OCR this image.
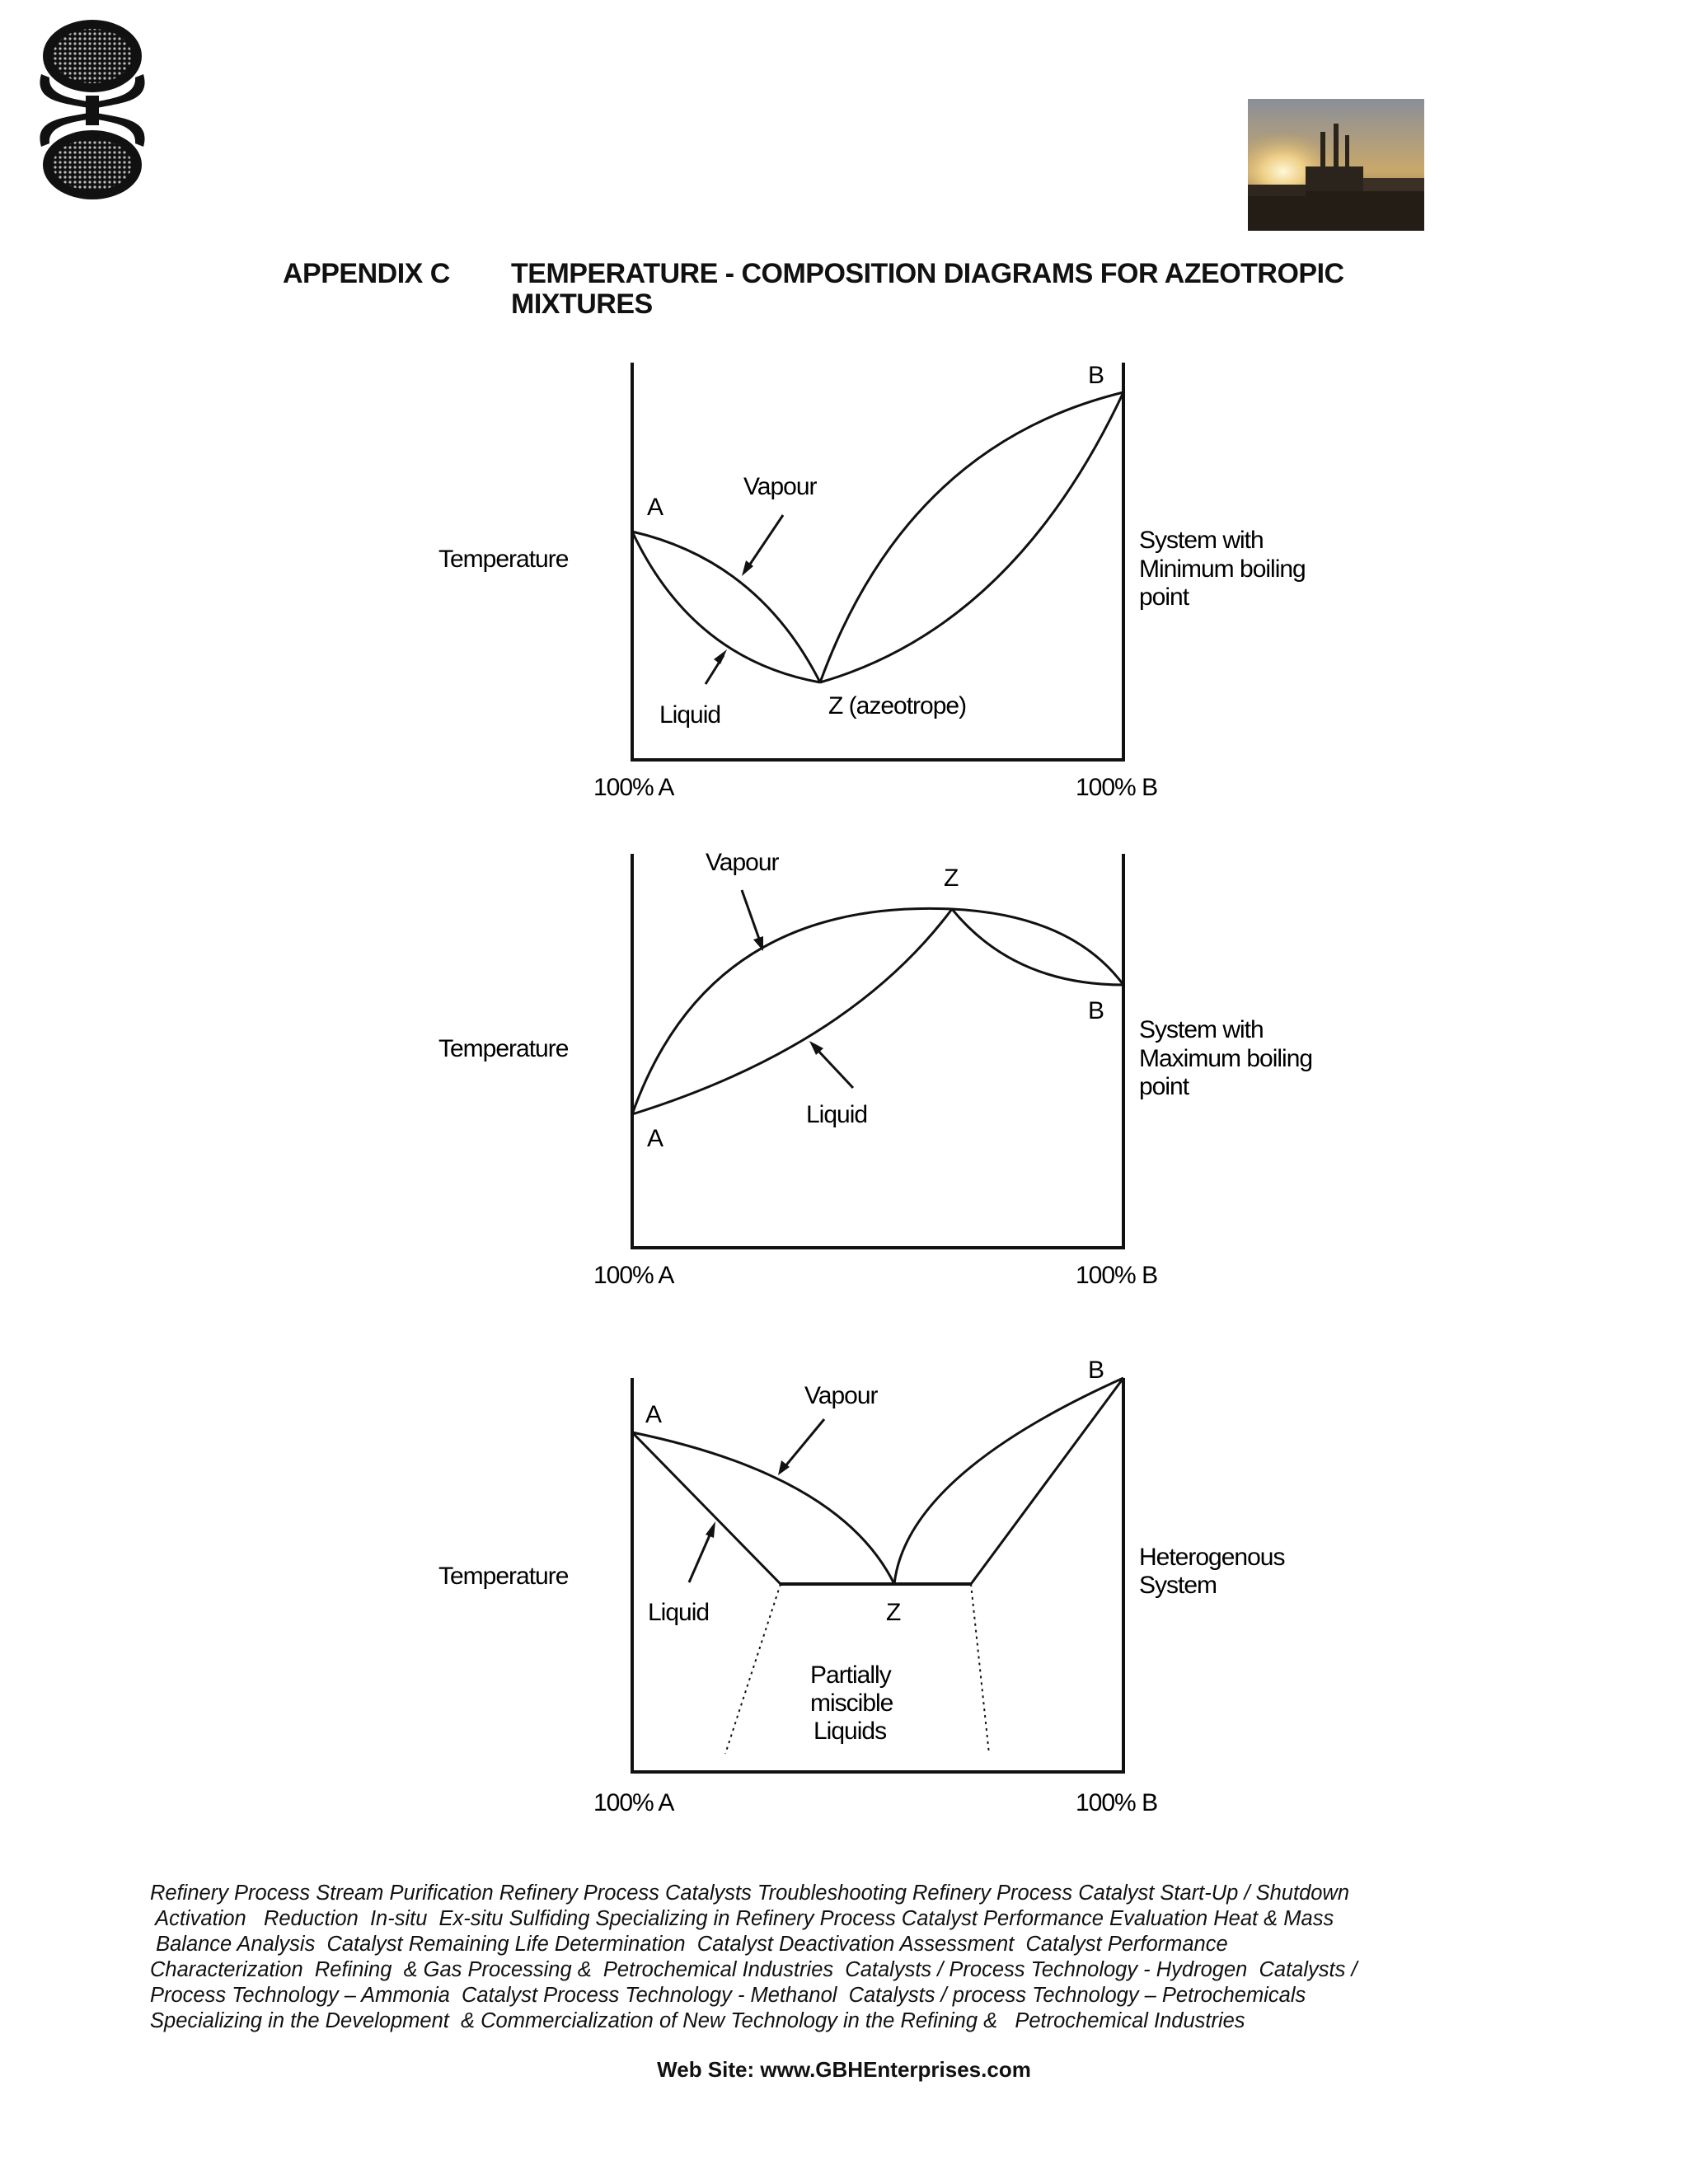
APPENDIX C TEMPERATURE - COMPOSITION DIAGRAMS FOR AZEOTROPIC
MIXTURES
Temperature
100% A	100% B
A
B
Z (azeotrope)
Vapour
Liquid
System with
Minimum boiling
point
Temperature
100% A	100% B
A
B
Z
Vapour
Liquid
System with
Maximum boiling
point
Temperature
100% A	100% B
A
B
Z
Vapour
Liquid
Partially
miscible
Liquids
Heterogenous
System
Refinery Process Stream Purification Refinery Process Catalysts Troubleshooting Refinery Process Catalyst Start-Up / Shutdown
Activation   Reduction  In-situ  Ex-situ Sulfiding Specializing in Refinery Process Catalyst Performance Evaluation Heat & Mass
Balance Analysis  Catalyst Remaining Life Determination  Catalyst Deactivation Assessment  Catalyst Performance
Characterization  Refining  & Gas Processing &  Petrochemical Industries  Catalysts / Process Technology - Hydrogen  Catalysts /
Process Technology – Ammonia  Catalyst Process Technology - Methanol  Catalysts / process Technology – Petrochemicals
Specializing in the Development  & Commercialization of New Technology in the Refining &   Petrochemical Industries
Web Site: www.GBHEnterprises.com
